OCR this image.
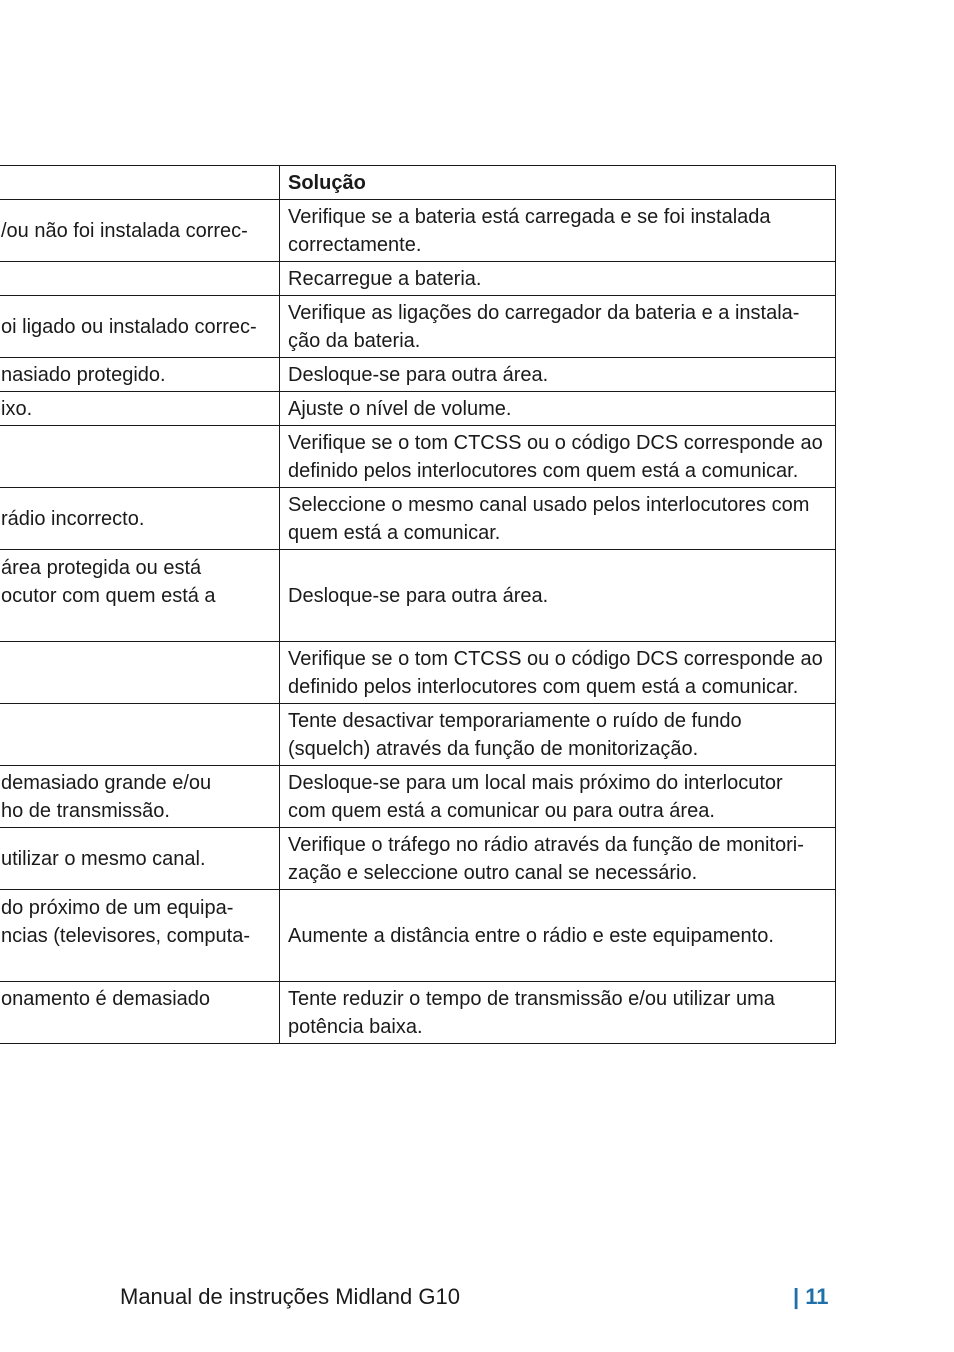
	Solução

/ou não foi instalada correc-	Verifique se a bateria está carregada e se foi instalada
correctamente.

	Recarregue a bateria.

oi ligado ou instalado correc-	Verifique as ligações do carregador da bateria e a instala-
ção da bateria.

nasiado protegido.	Desloque-se para outra área.

ixo.	Ajuste o nível de volume.

	Verifique se o tom CTCSS ou o código DCS corresponde ao
definido pelos interlocutores com quem está a comunicar.

rádio incorrecto.	Seleccione o mesmo canal usado pelos interlocutores com
quem está a comunicar.

área protegida ou está
ocutor com quem está a	Desloque-se para outra área.

	Verifique se o tom CTCSS ou o código DCS corresponde ao
definido pelos interlocutores com quem está a comunicar.

	Tente desactivar temporariamente o ruído de fundo
(squelch) através da função de monitorização.

demasiado grande e/ou
ho de transmissão.	Desloque-se para um local mais próximo do interlocutor
com quem está a comunicar ou para outra área.

utilizar o mesmo canal.	Verifique o tráfego no rádio através da função de monitori-
zação e seleccione outro canal se necessário.

do próximo de um equipa-
ncias (televisores, computa-	Aumente a distância entre o rádio e este equipamento.

onamento é demasiado	Tente reduzir o tempo de transmissão e/ou utilizar uma
potência baixa.
Manual de instruções Midland G10	| 11
